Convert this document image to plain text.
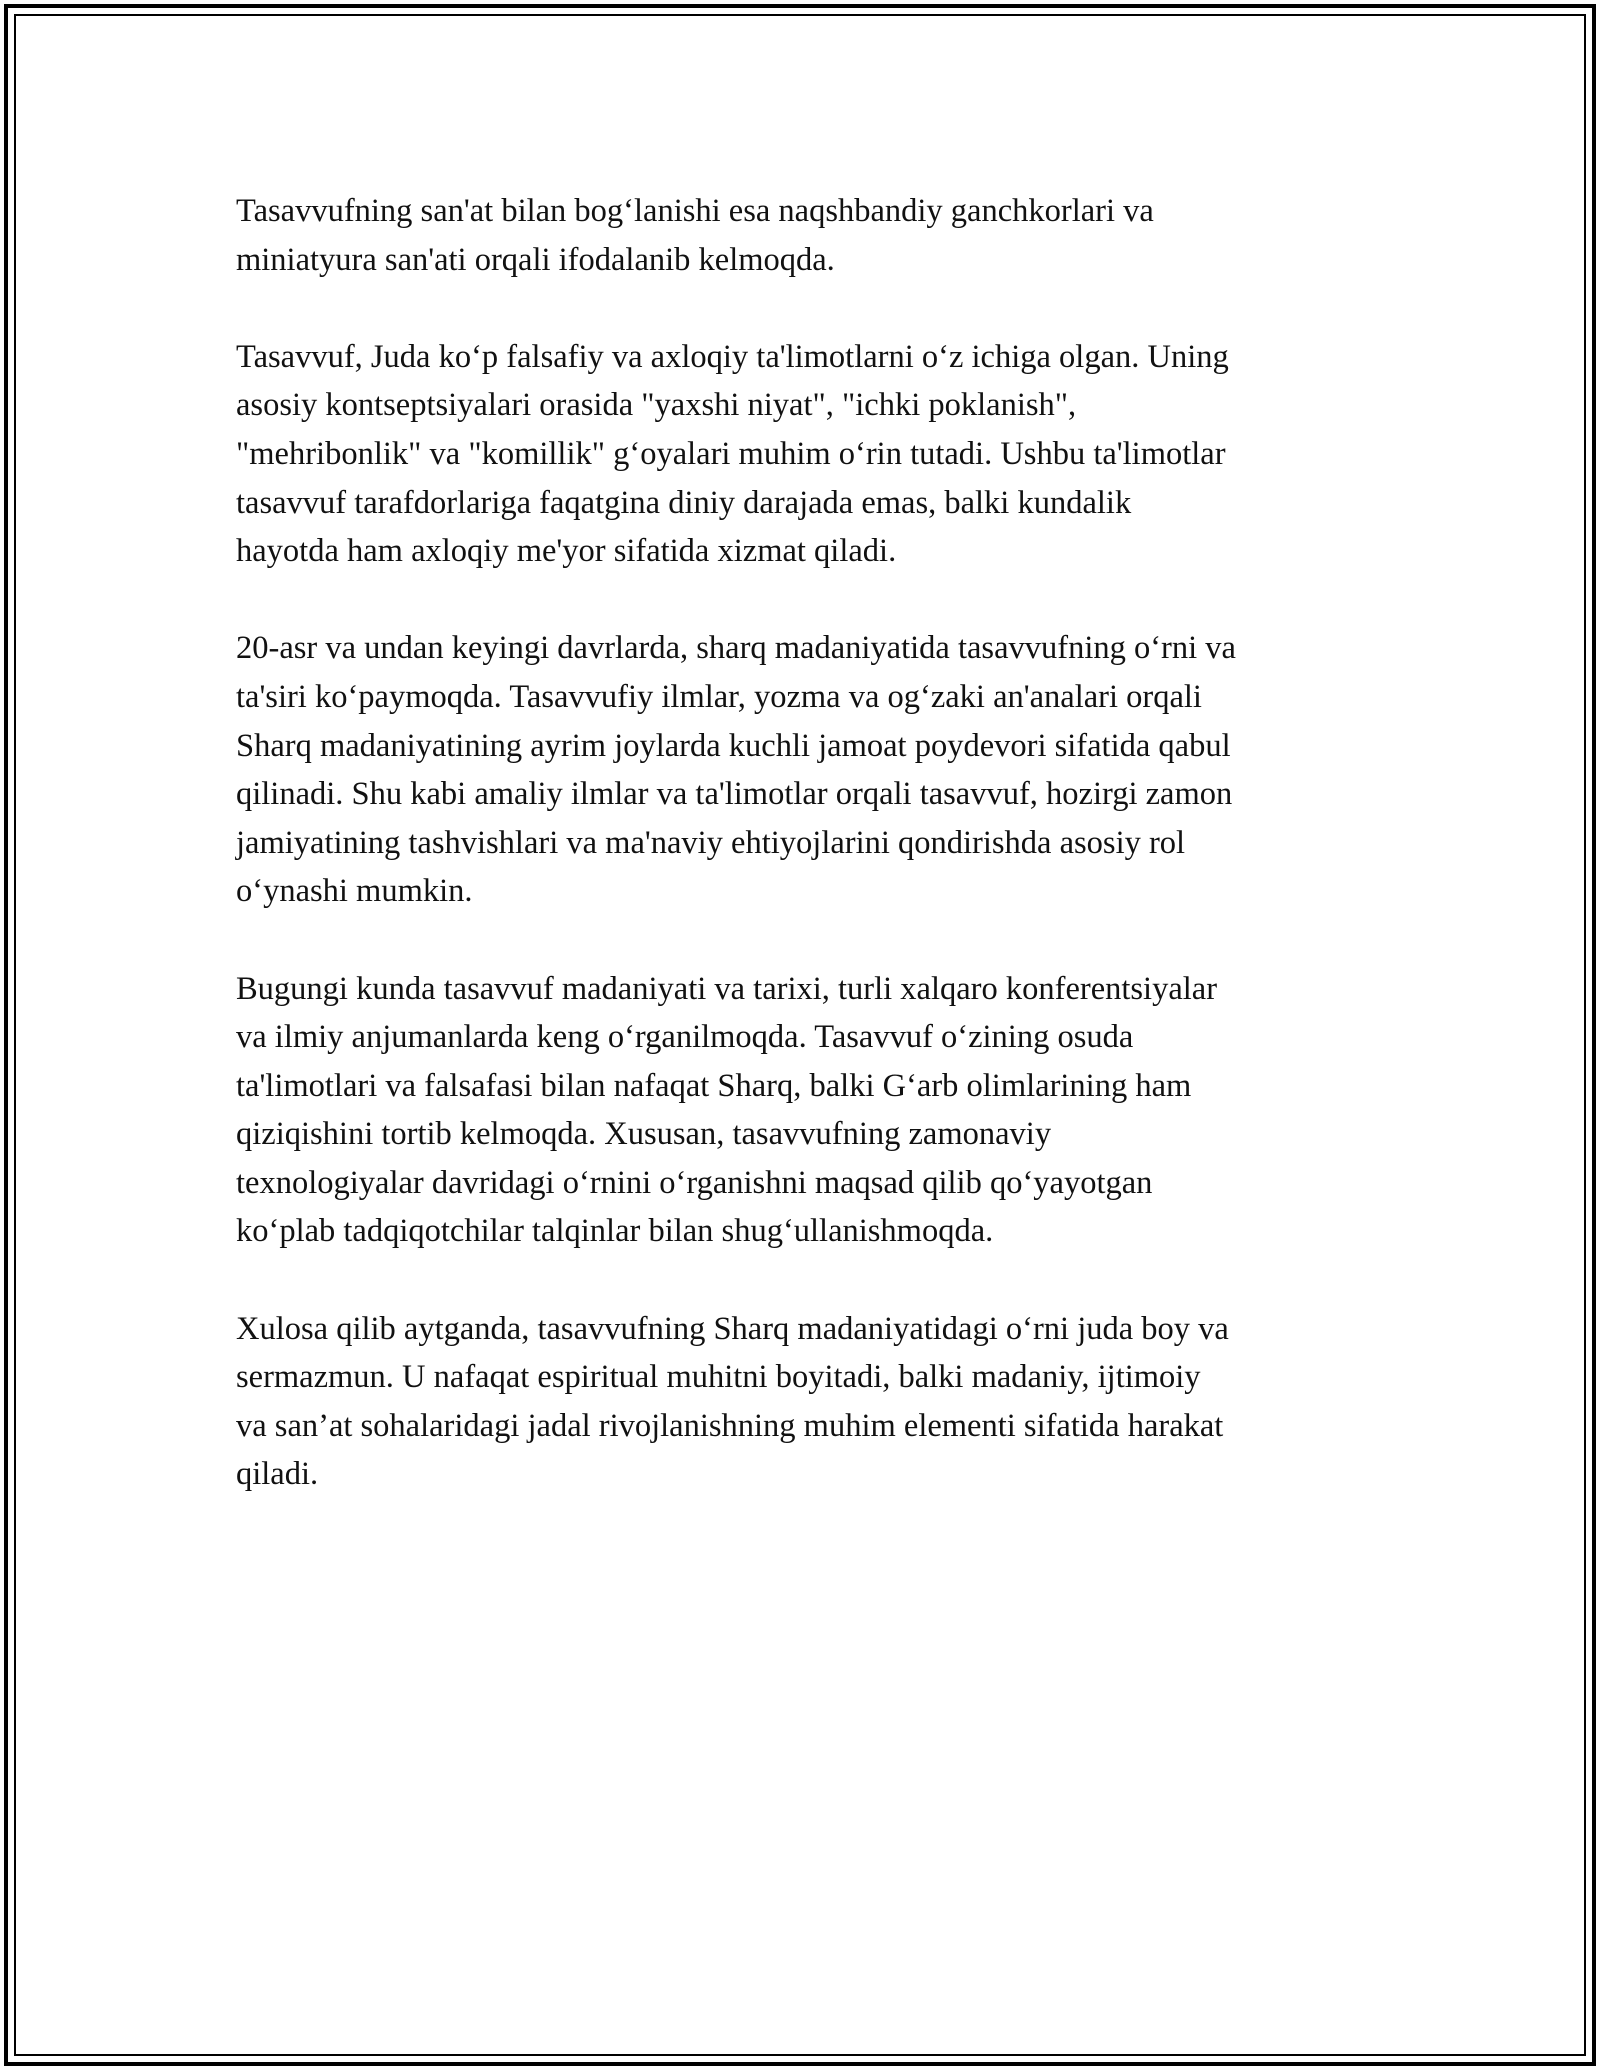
Tasavvufning san'at bilan bog‘lanishi esa naqshbandiy ganchkorlari va
miniatyura san'ati orqali ifodalanib kelmoqda.

Tasavvuf, Juda ko‘p falsafiy va axloqiy ta'limotlarni o‘z ichiga olgan. Uning
asosiy kontseptsiyalari orasida "yaxshi niyat", "ichki poklanish",
"mehribonlik" va "komillik" g‘oyalari muhim o‘rin tutadi. Ushbu ta'limotlar
tasavvuf tarafdorlariga faqatgina diniy darajada emas, balki kundalik
hayotda ham axloqiy me'yor sifatida xizmat qiladi.

20-asr va undan keyingi davrlarda, sharq madaniyatida tasavvufning o‘rni va
ta'siri ko‘paymoqda. Tasavvufiy ilmlar, yozma va og‘zaki an'analari orqali
Sharq madaniyatining ayrim joylarda kuchli jamoat poydevori sifatida qabul
qilinadi. Shu kabi amaliy ilmlar va ta'limotlar orqali tasavvuf, hozirgi zamon
jamiyatining tashvishlari va ma'naviy ehtiyojlarini qondirishda asosiy rol
o‘ynashi mumkin.

Bugungi kunda tasavvuf madaniyati va tarixi, turli xalqaro konferentsiyalar
va ilmiy anjumanlarda keng o‘rganilmoqda. Tasavvuf o‘zining osuda
ta'limotlari va falsafasi bilan nafaqat Sharq, balki G‘arb olimlarining ham
qiziqishini tortib kelmoqda. Xususan, tasavvufning zamonaviy
texnologiyalar davridagi o‘rnini o‘rganishni maqsad qilib qo‘yayotgan
ko‘plab tadqiqotchilar talqinlar bilan shug‘ullanishmoqda.

Xulosa qilib aytganda, tasavvufning Sharq madaniyatidagi o‘rni juda boy va
sermazmun. U nafaqat espiritual muhitni boyitadi, balki madaniy, ijtimoiy
va san’at sohalaridagi jadal rivojlanishning muhim elementi sifatida harakat
qiladi.
